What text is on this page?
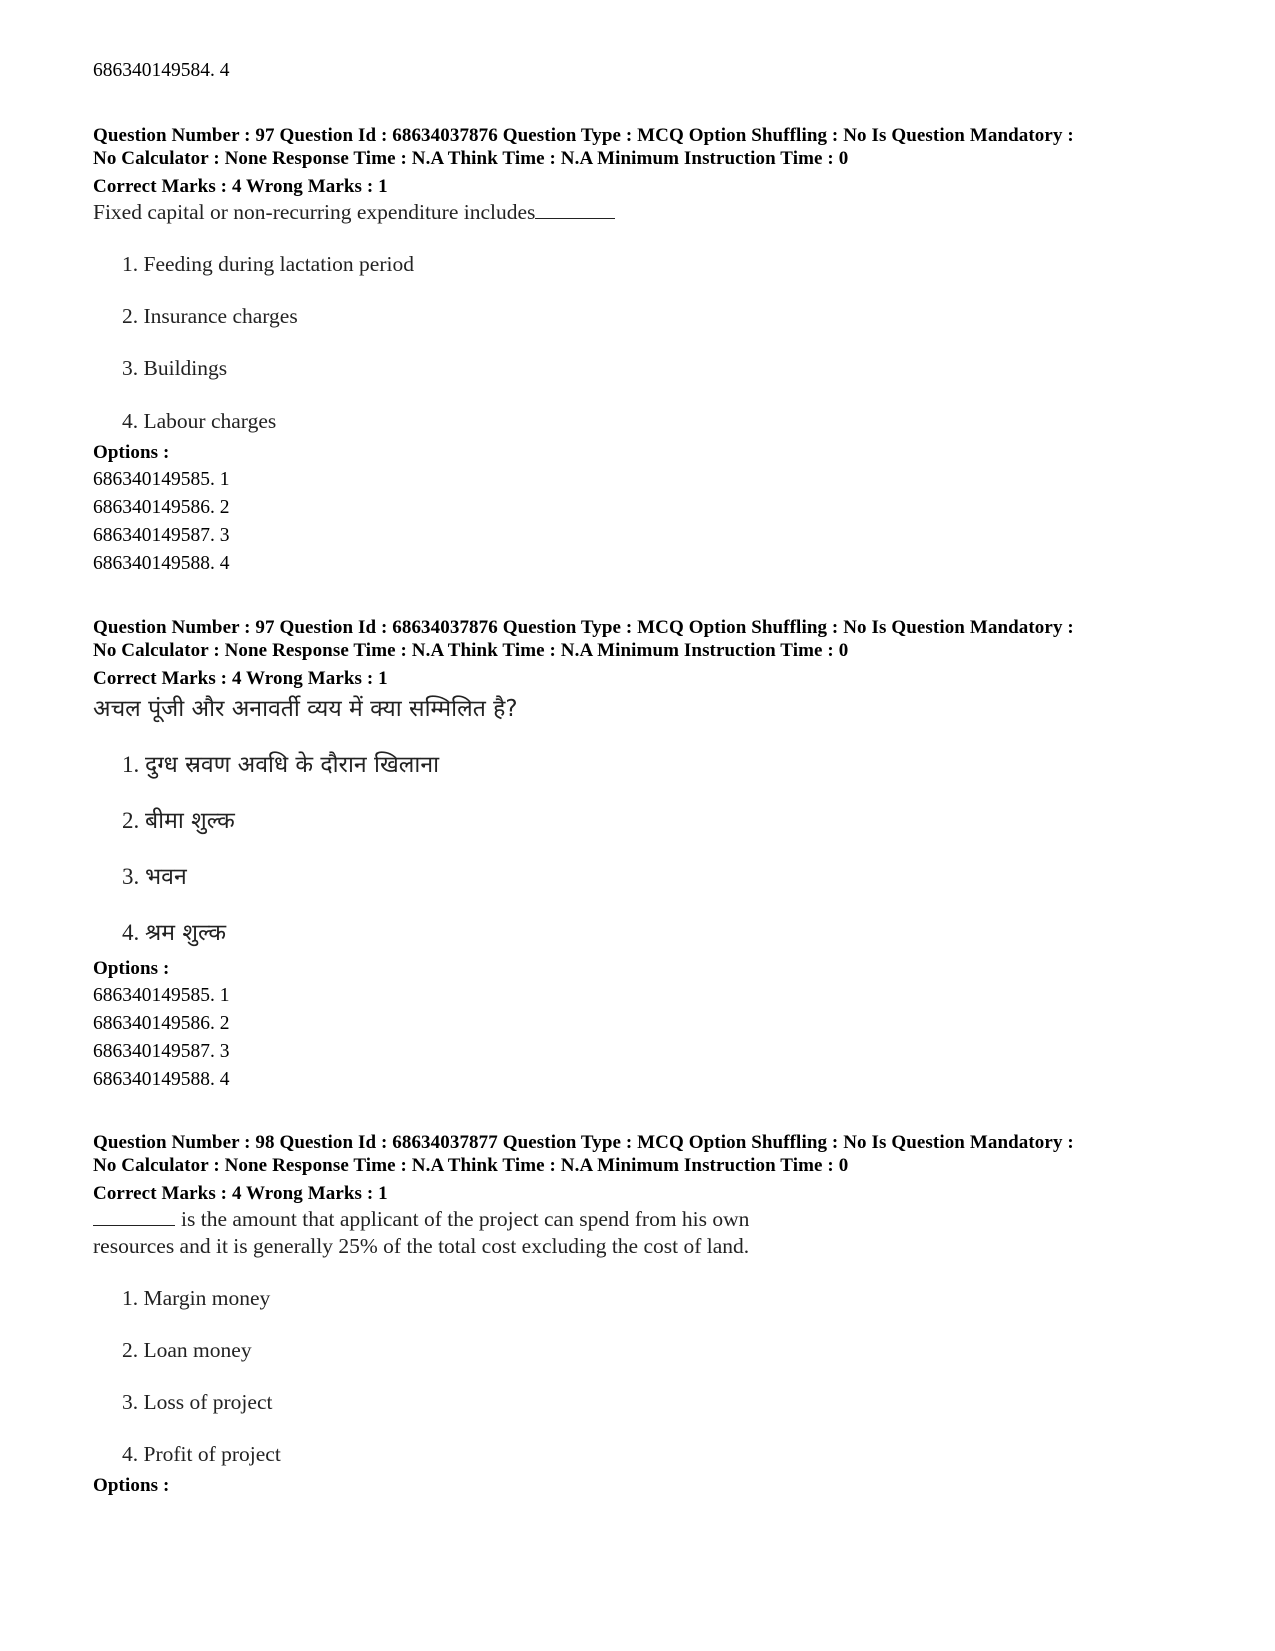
686340149584. 4
Question Number : 97 Question Id : 68634037876 Question Type : MCQ Option Shuffling : No Is Question Mandatory :
No Calculator : None Response Time : N.A Think Time : N.A Minimum Instruction Time : 0
Correct Marks : 4 Wrong Marks : 1
Fixed capital or non-recurring expenditure includes
1. Feeding during lactation period
2. Insurance charges
3. Buildings
4. Labour charges
Options :
686340149585. 1
686340149586. 2
686340149587. 3
686340149588. 4
Question Number : 97 Question Id : 68634037876 Question Type : MCQ Option Shuffling : No Is Question Mandatory :
No Calculator : None Response Time : N.A Think Time : N.A Minimum Instruction Time : 0
Correct Marks : 4 Wrong Marks : 1
अचल पूंजी और अनावर्ती व्यय में क्या सम्मिलित है?
1. दुग्ध स्रवण अवधि के दौरान खिलाना
2. बीमा शुल्क
3. भवन
4. श्रम शुल्क
Options :
686340149585. 1
686340149586. 2
686340149587. 3
686340149588. 4
Question Number : 98 Question Id : 68634037877 Question Type : MCQ Option Shuffling : No Is Question Mandatory :
No Calculator : None Response Time : N.A Think Time : N.A Minimum Instruction Time : 0
Correct Marks : 4 Wrong Marks : 1
is the amount that applicant of the project can spend from his own
resources and it is generally 25% of the total cost excluding the cost of land.
1. Margin money
2. Loan money
3. Loss of project
4. Profit of project
Options :
